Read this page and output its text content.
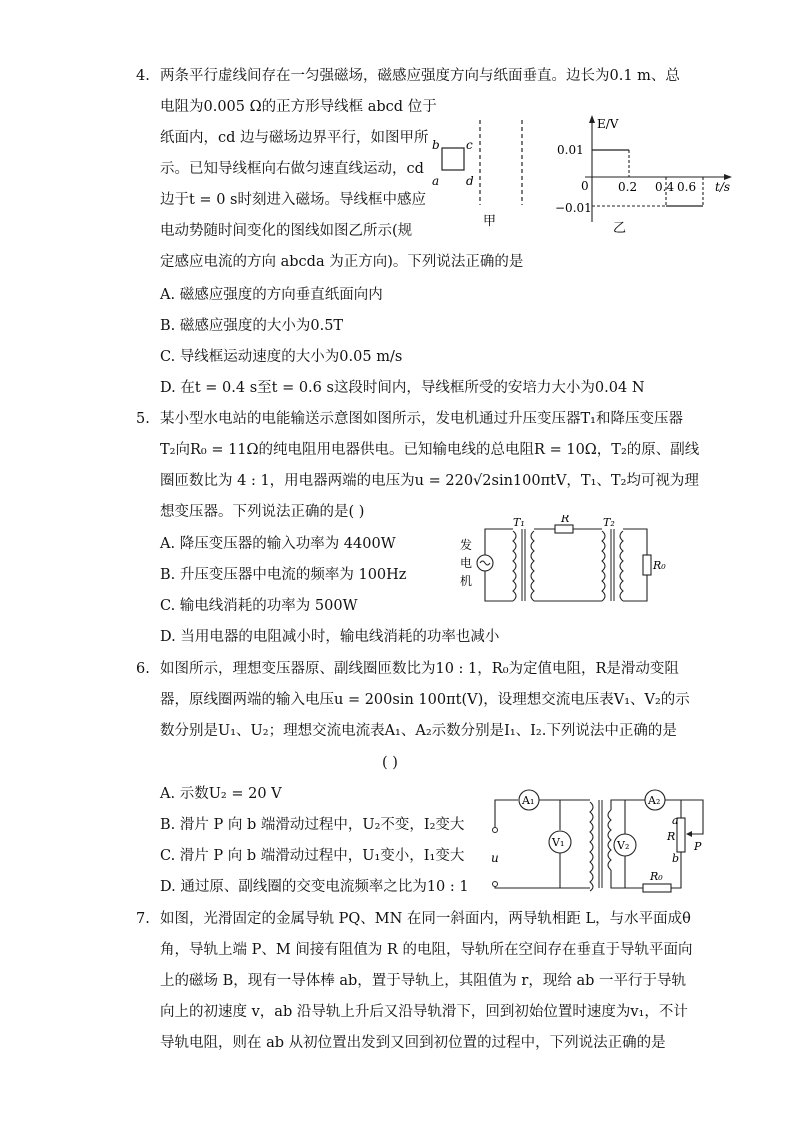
4. 两条平行虚线间存在一匀强磁场，磁感应强度方向与纸面垂直。边长为0.1 m、总
电阻为0.005 Ω的正方形导线框 abcd 位于
纸面内，cd 边与磁场边界平行，如图甲所
示。已知导线框向右做匀速直线运动，cd
边于t = 0 s时刻进入磁场。导线框中感应
电动势随时间变化的图线如图乙所示(规
定感应电流的方向 abcda 为正方向)。下列说法正确的是
A. 磁感应强度的方向垂直纸面向内
B. 磁感应强度的大小为0.5T
C. 导线框运动速度的大小为0.05 m/s
D. 在t = 0.4 s至t = 0.6 s这段时间内，导线框所受的安培力大小为0.04 N
b c
a d
甲
E/V
t/s
0
0.01
−0.01
0.2 0.4 0.6
乙
5. 某小型水电站的电能输送示意图如图所示，发电机通过升压变压器T₁和降压变压器
T₂向R₀ = 11Ω的纯电阻用电器供电。已知输电线的总电阻R = 10Ω，T₂的原、副线
圈匝数比为 4 : 1，用电器两端的电压为u = 220√2sin100πtV，T₁、T₂均可视为理
想变压器。下列说法正确的是( )
A. 降压变压器的输入功率为 4400W
B. 升压变压器中电流的频率为 100Hz
C. 输电线消耗的功率为 500W
D. 当用电器的电阻减小时，输电线消耗的功率也减小
发
电
机
T₁	R	T₂
R₀
6. 如图所示，理想变压器原、副线圈匝数比为10 : 1，R₀为定值电阻，R是滑动变阻
器，原线圈两端的输入电压u = 200sin 100πt(V)，设理想交流电压表V₁、V₂的示
数分别是U₁、U₂；理想交流电流表A₁、A₂示数分别是I₁、I₂.下列说法中正确的是
( )
A. 示数U₂ = 20 V
B. 滑片 P 向 b 端滑动过程中，U₂不变，I₂变大
C. 滑片 P 向 b 端滑动过程中，U₁变小，I₁变大
D. 通过原、副线圈的交变电流频率之比为10 : 1
u
A₁
V₁
A₂
V₂
R
a
b
P
R₀
7. 如图，光滑固定的金属导轨 PQ、MN 在同一斜面内，两导轨相距 L，与水平面成θ
角，导轨上端 P、M 间接有阻值为 R 的电阻，导轨所在空间存在垂直于导轨平面向
上的磁场 B，现有一导体棒 ab，置于导轨上，其阻值为 r，现给 ab 一平行于导轨
向上的初速度 v，ab 沿导轨上升后又沿导轨滑下，回到初始位置时速度为v₁，不计
导轨电阻，则在 ab 从初位置出发到又回到初位置的过程中，下列说法正确的是
